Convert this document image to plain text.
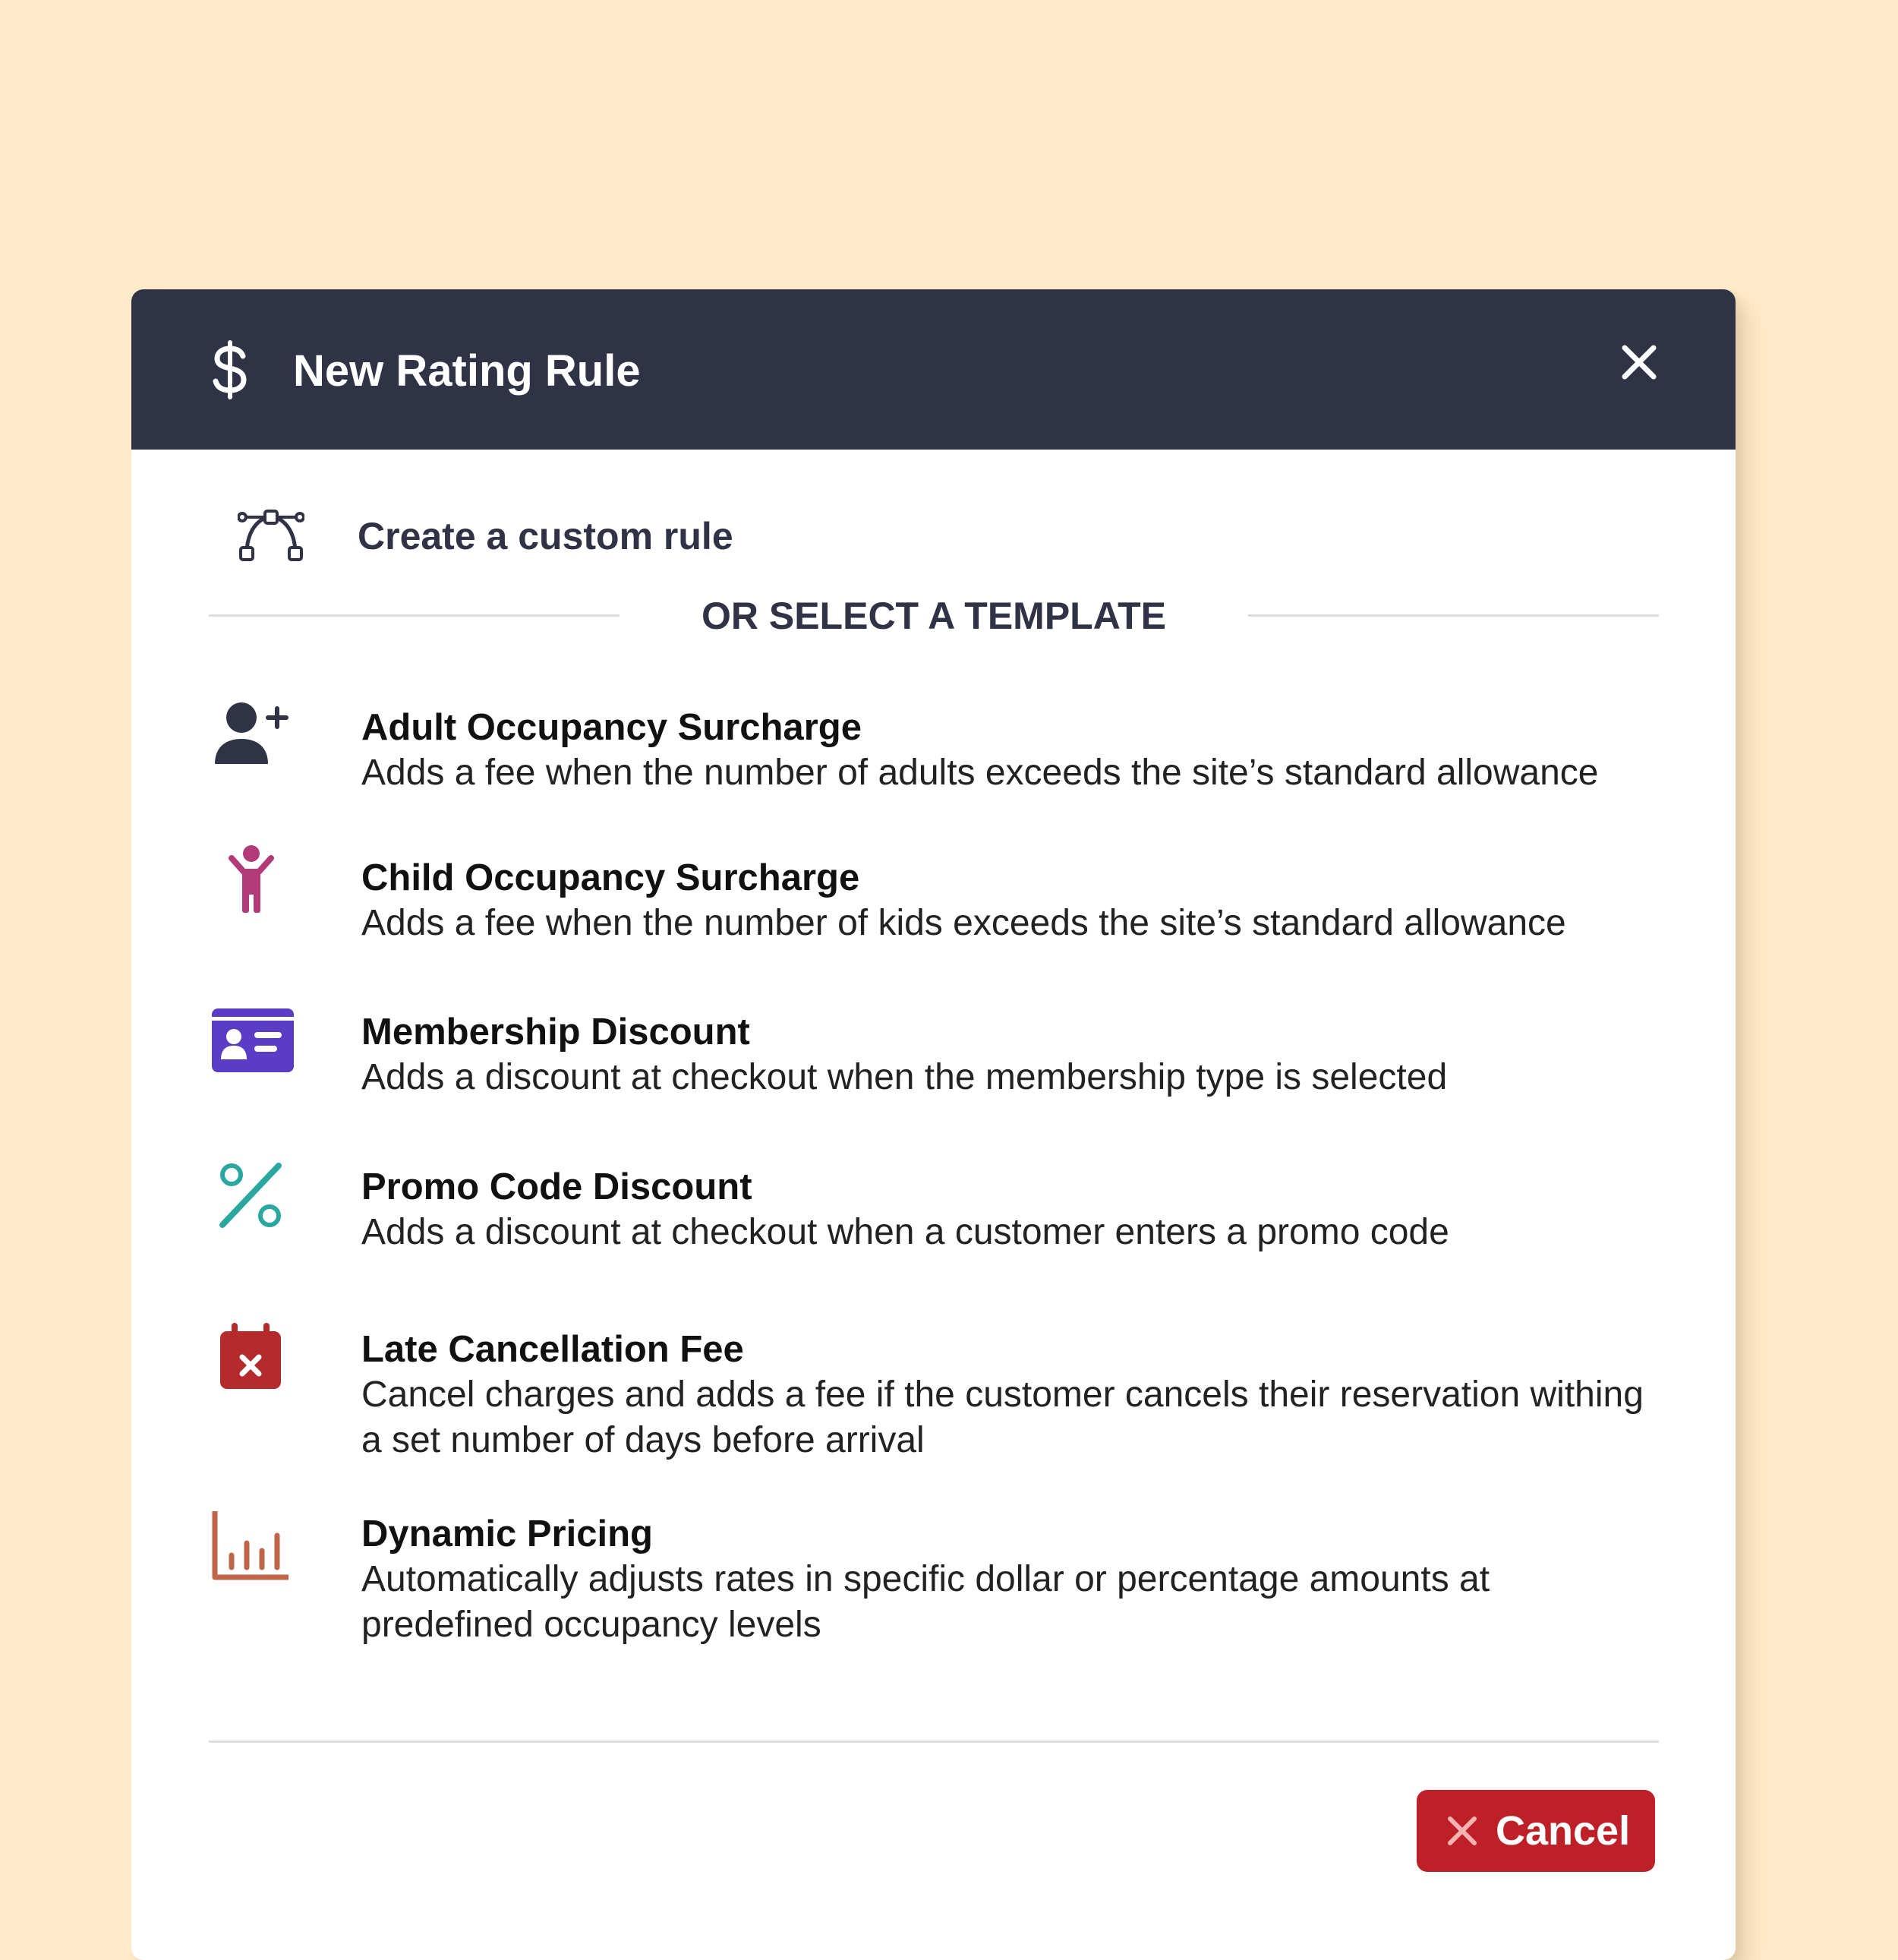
New Rating Rule
Create a custom rule
OR SELECT A TEMPLATE
Adult Occupancy Surcharge
Adds a fee when the number of adults exceeds the site’s standard allowance
Child Occupancy Surcharge
Adds a fee when the number of kids exceeds the site’s standard allowance
Membership Discount
Adds a discount at checkout when the membership type is selected
Promo Code Discount
Adds a discount at checkout when a customer enters a promo code
Late Cancellation Fee
Cancel charges and adds a fee if the customer cancels their reservation withing a set number of days before arrival
Dynamic Pricing
Automatically adjusts rates in specific dollar or percentage amounts at predefined occupancy levels
Cancel
